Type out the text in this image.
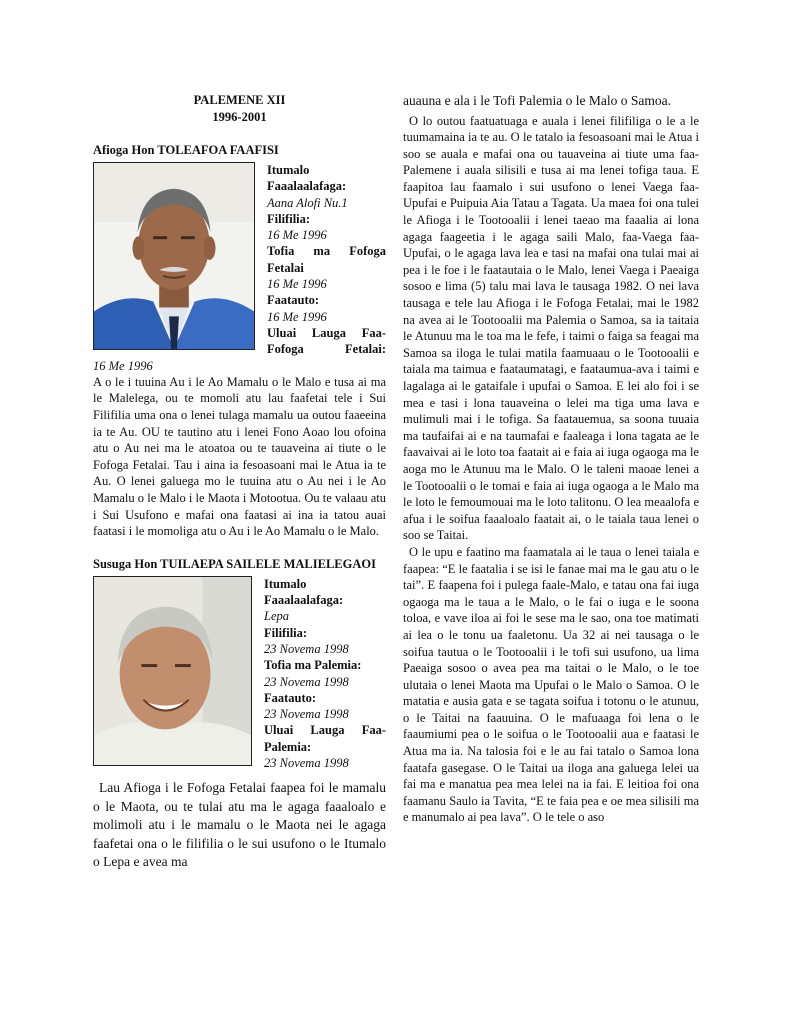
PALEMENE XII
1996-2001
Afioga Hon TOLEAFOA FAAFISI
Itumalo Faaalaalafaga:
Aana Alofi Nu.1
Filifilia:
16 Me 1996
Tofia ma Fofoga Fetalai
16 Me 1996
Faatauto:
16 Me 1996
Uluai Lauga Faa-Fofoga Fetalai:
16 Me 1996

A o le i tuuina Au i le Ao Mamalu o le Malo e tusa ai ma le Malelega, ou te momoli atu lau faafetai tele i Sui Filifilia uma ona o lenei tulaga mamalu ua outou faaeeina ia te Au. OU te tautino atu i lenei Fono Aoao lou ofoina atu o Au nei ma le atoatoa ou te tauaveina ai tiute o le Fofoga Fetalai. Tau i aina ia fesoasoani mai le Atua ia te Au. O lenei galuega mo le tuuina atu o Au nei i le Ao Mamalu o le Malo i le Maota i Motootua. Ou te valaau atu i Sui Usufono e mafai ona faatasi ai ina ia tatou auai faatasi i le momoliga atu o Au i le Ao Mamalu o le Malo.

Susuga Hon TUILAEPA SAILELE MALIELEGAOI
Itumalo Faaalaalafaga:
Lepa
Filifilia:
23 Novema 1998
Tofia ma Palemia:
23 Novema 1998
Faatauto:
23 Novema 1998
Uluai Lauga Faa-Palemia:
23 Novema 1998

Lau Afioga i le Fofoga Fetalai faapea foi le mamalu o le Maota, ou te tulai atu ma le agaga faaaloalo e molimoli atu i le mamalu o le Maota nei le agaga faafetai ona o le filifilia o le sui usufono o le Itumalo o Lepa e avea ma

auauna e ala i le Tofi Palemia o le Malo o Samoa.

O lo outou faatuatuaga e auala i lenei filifiliga o le a le tuumamaina ia te au. O le tatalo ia fesoasoani mai le Atua i soo se auala e mafai ona ou tauaveina ai tiute uma faa-Palemene i auala silisili e tusa ai ma lenei tofiga taua. E faapitoa lau faamalo i sui usufono o lenei Vaega faa-Upufai e Puipuia Aia Tatau a Tagata. Ua maea foi ona tulei le Afioga i le Tootooalii i lenei taeao ma faaalia ai lona agaga faageetia i le agaga saili Malo, faa-Vaega faa-Upufai, o le agaga lava lea e tasi na mafai ona tulai mai ai pea i le foe i le faatautaia o le Malo, lenei Vaega i Paeaiga sosoo e lima (5) talu mai lava le tausaga 1982. O nei lava tausaga e tele lau Afioga i le Fofoga Fetalai, mai le 1982 na avea ai le Tootooalii ma Palemia o Samoa, sa ia taitaia le Atunuu ma le toa ma le fefe, i taimi o faiga sa feagai ma Samoa sa iloga le tulai matila faamuaau o le Tootooalii e taiala ma taimua e faataumatagi, e faataumua-ava i taimi e lagalaga ai le gataifale i upufai o Samoa. E lei alo foi i se mea e tasi i lona tauaveina o lelei ma tiga uma lava e mulimuli mai i le tofiga. Sa faatauemua, sa soona tuuaia ma taufaifai ai e na taumafai e faaleaga i lona tagata ae le faavaivai ai le loto toa faatait ai e faia ai iuga ogaoga ma le aoga mo le Atunuu ma le Malo. O le taleni maoae lenei a le Tootooalii o le tomai e faia ai iuga ogaoga a le Malo ma le loto le femoumouai ma le loto talitonu. O lea meaalofa e afua i le soifua faaaloalo faatait ai, o le taiala taua lenei o soo se Taitai.

O le upu e faatino ma faamatala ai le taua o lenei taiala e faapea: “E le faatalia i se isi le fanae mai ma le gau atu o le tai”. E faapena foi i pulega faale-Malo, e tatau ona fai iuga ogaoga ma le taua a le Malo, o le fai o iuga e le soona toloa, e vave iloa ai foi le sese ma le sao, ona toe matimati ai lea o le tonu ua faaletonu. Ua 32 ai nei tausaga o le soifua tautua o le Tootooalii i le tofi sui usufono, ua lima Paeaiga sosoo o avea pea ma taitai o le Malo, o le toe ulutaia o lenei Maota ma Upufai o le Malo o Samoa. O le matatia e ausia gata e se tagata soifua i totonu o le atunuu, o le Taitai na faauuina. O le mafuaaga foi lena o le faaumiumi pea o le soifua o le Tootooalii aua e faatasi le Atua ma ia. Na talosia foi e le au fai tatalo o Samoa lona faatafa gasegase. O le Taitai ua iloga ana galuega lelei ua fai ma e manatua pea mea lelei na ia fai. E leitioa foi ona faamanu Saulo ia Tavita, “E te faia pea e oe mea silisili ma e manumalo ai pea lava”. O le tele o aso
